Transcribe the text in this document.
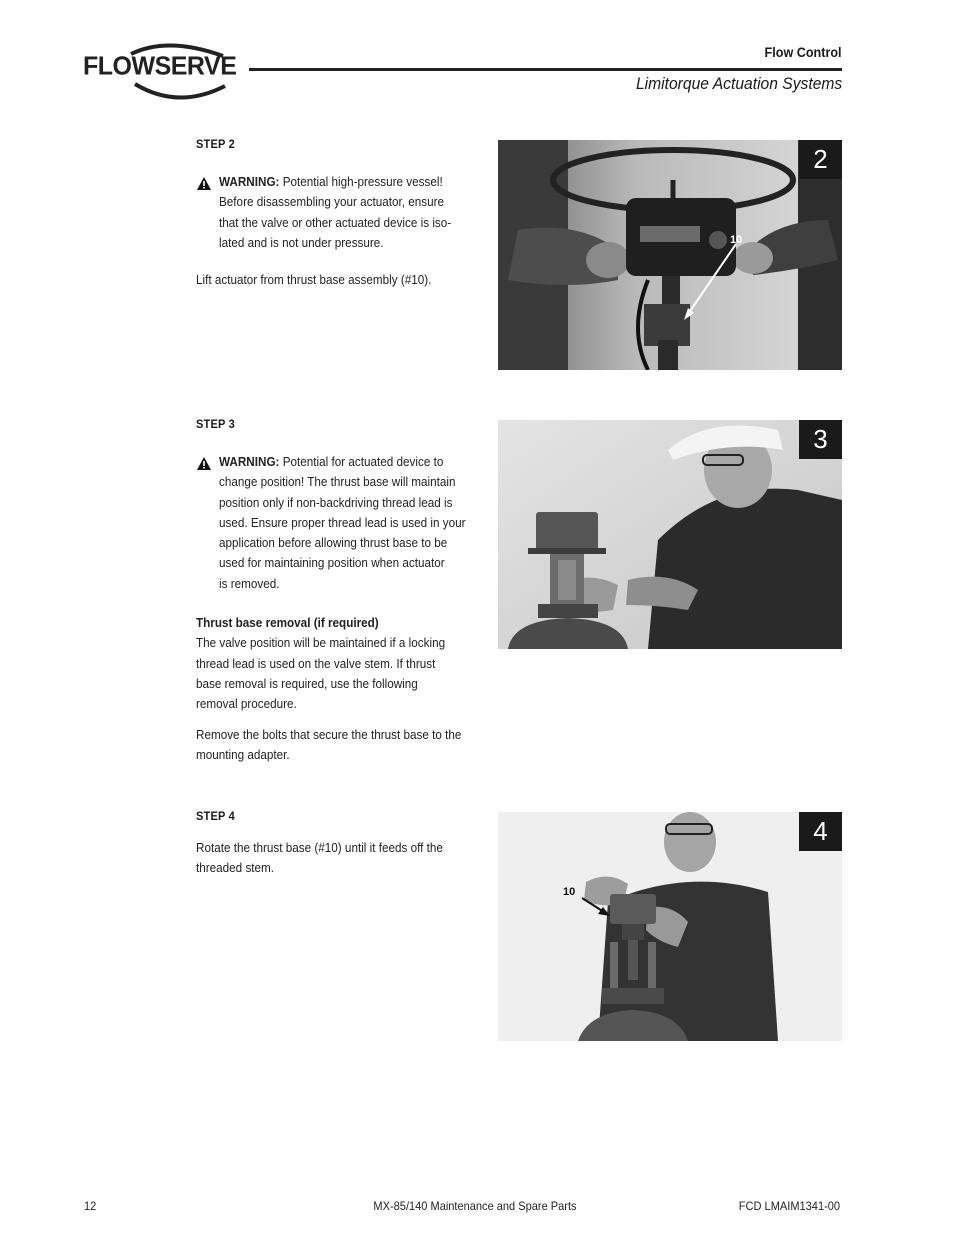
FLOWSERVE	Flow Control
Limitorque Actuation Systems
STEP 2
WARNING: Potential high-pressure vessel!
Before disassembling your actuator, ensure
that the valve or other actuated device is iso-
lated and is not under pressure.
Lift actuator from thrust base assembly (#10).
10
2
STEP 3
WARNING: Potential for actuated device to
change position! The thrust base will maintain
position only if non-backdriving thread lead is
used. Ensure proper thread lead is used in your
application before allowing thrust base to be
used for maintaining position when actuator
is removed.
Thrust base removal (if required)
The valve position will be maintained if a locking
thread lead is used on the valve stem. If thrust
base removal is required, use the following
removal procedure.
Remove the bolts that secure the thrust base to the
mounting adapter.
3
STEP 4
Rotate the thrust base (#10) until it feeds off the
threaded stem.
10
4
12	MX-85/140 Maintenance and Spare Parts	FCD LMAIM1341-00
